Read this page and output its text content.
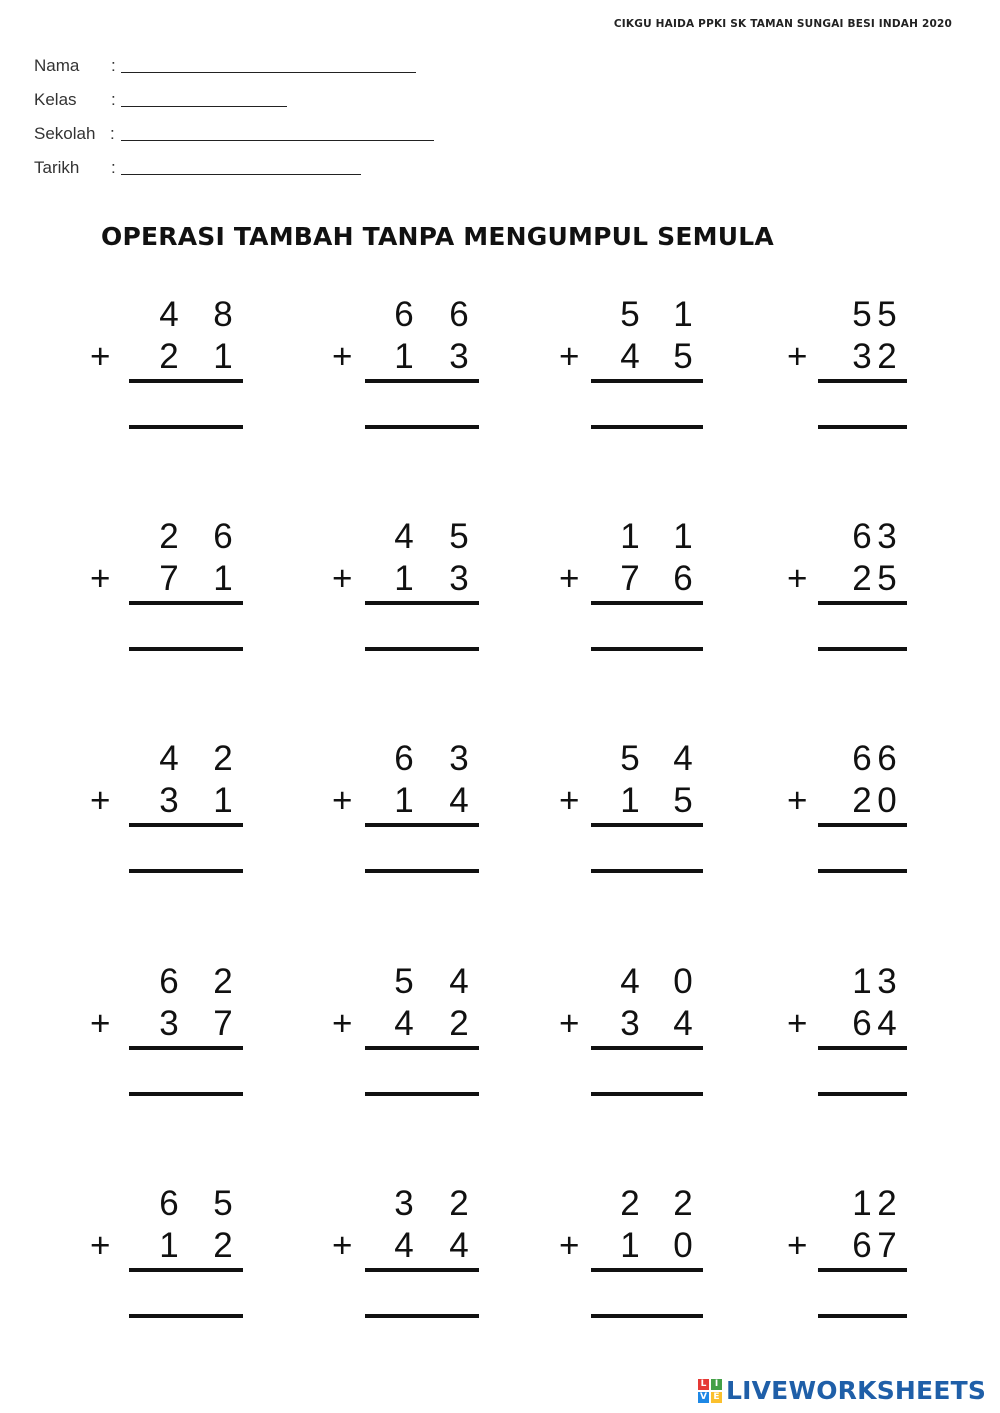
CIKGU HAIDA PPKI SK TAMAN SUNGAI BESI INDAH 2020
Nama :
Kelas :
Sekolah :
Tarikh :
OPERASI TAMBAH TANPA MENGUMPUL SEMULA
4 8
+ 2 1
6 6
+ 1 3
5 1
+ 4 5
5 5
+ 3 2
2 6
+ 7 1
4 5
+ 1 3
1 1
+ 7 6
6 3
+ 2 5
4 2
+ 3 1
6 3
+ 1 4
5 4
+ 1 5
6 6
+ 2 0
6 2
+ 3 7
5 4
+ 4 2
4 0
+ 3 4
1 3
+ 6 4
6 5
+ 1 2
3 2
+ 4 4
2 2
+ 1 0
1 2
+ 6 7
L I
V E LIVEWORKSHEETS
